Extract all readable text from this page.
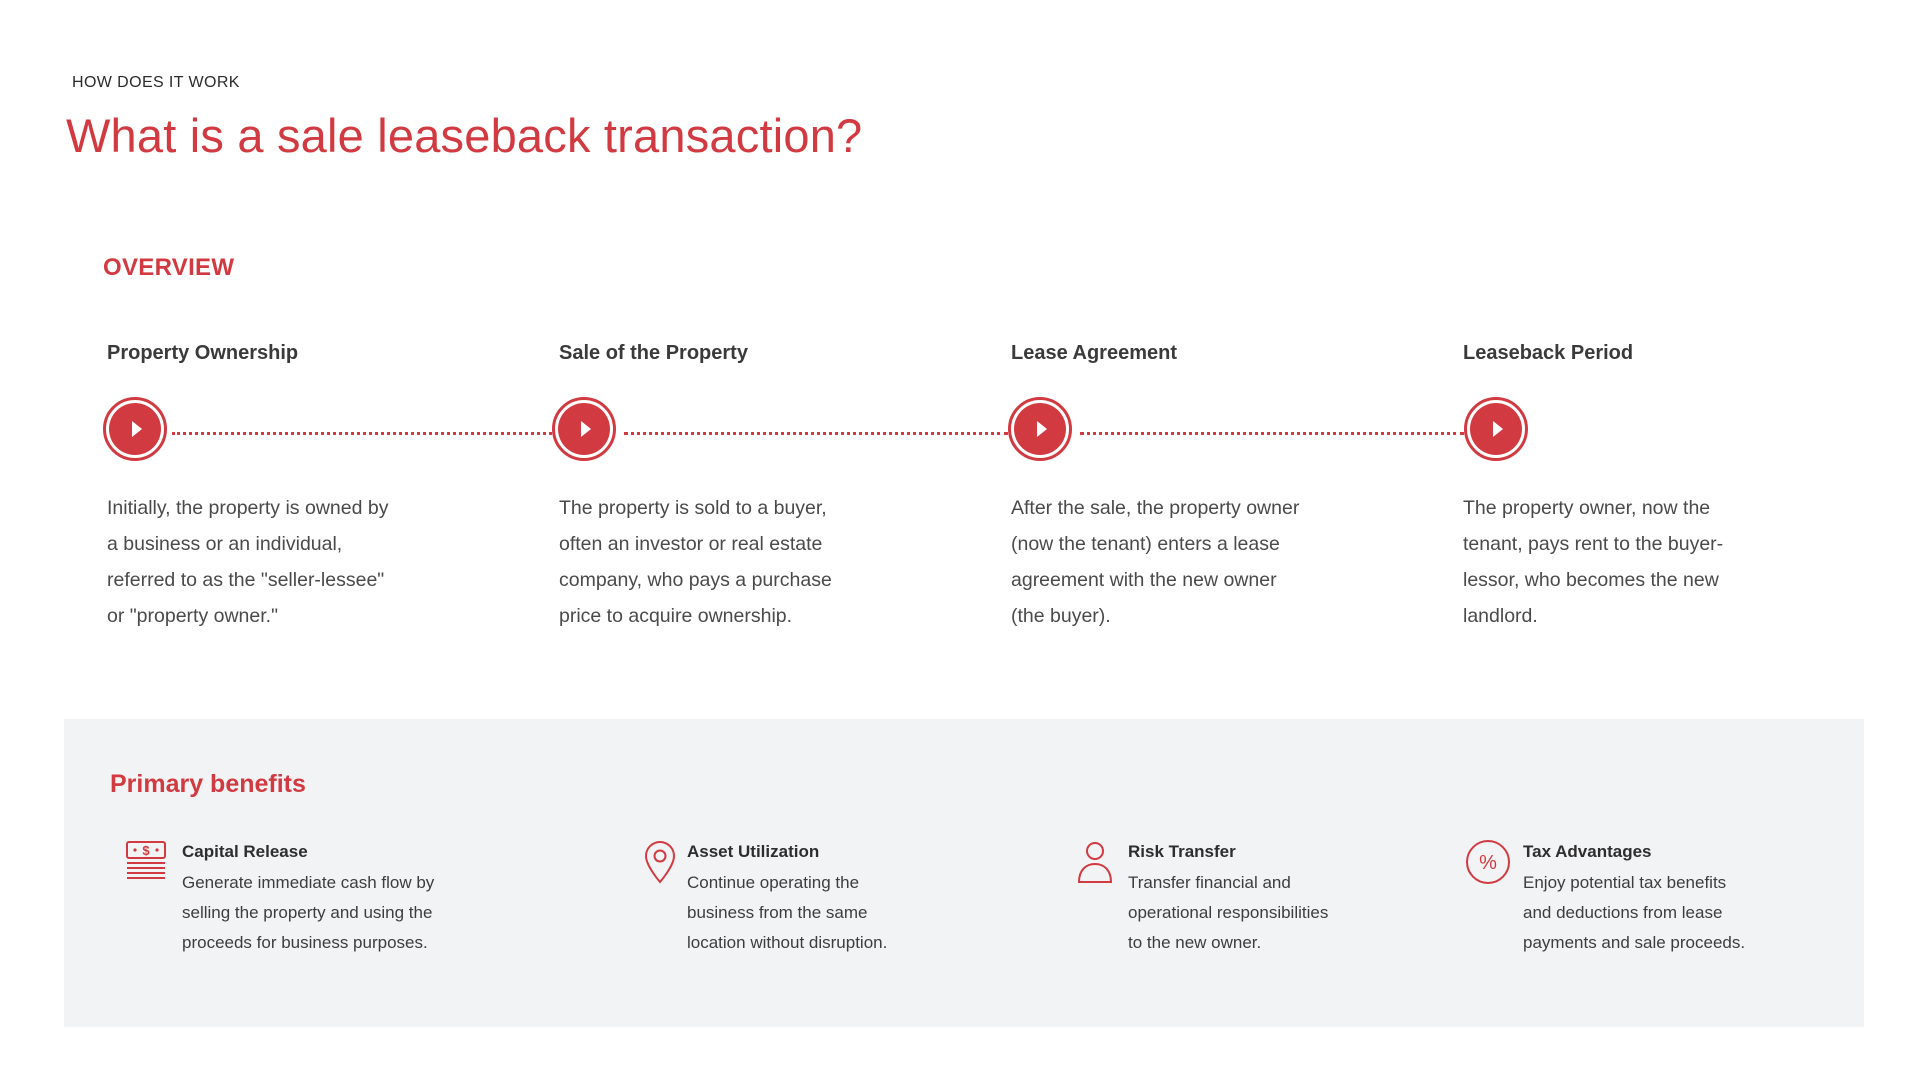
HOW DOES IT WORK
What is a sale leaseback transaction?
OVERVIEW
Property Ownership
Initially, the property is owned by
a business or an individual,
referred to as the "seller-lessee"
or "property owner."
Sale of the Property
The property is sold to a buyer,
often an investor or real estate
company, who pays a purchase
price to acquire ownership.
Lease Agreement
After the sale, the property owner
(now the tenant) enters a lease
agreement with the new owner
(the buyer).
Leaseback Period
The property owner, now the
tenant, pays rent to the buyer-
lessor, who becomes the new
landlord.
Primary benefits
$ Capital Release
Generate immediate cash flow by
selling the property and using the
proceeds for business purposes.
Asset Utilization
Continue operating the
business from the same
location without disruption.
Risk Transfer
Transfer financial and
operational responsibilities
to the new owner.
%
Tax Advantages
Enjoy potential tax benefits
and deductions from lease
payments and sale proceeds.
